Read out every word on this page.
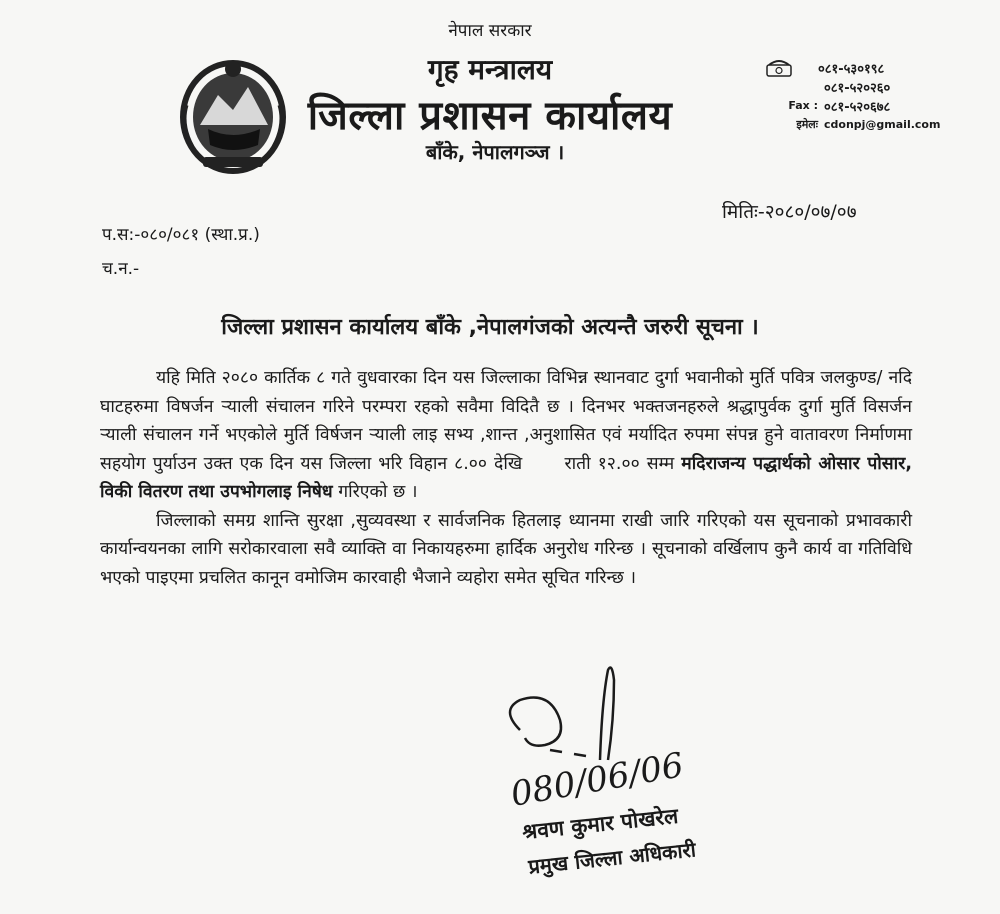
नेपाल सरकार
गृह मन्त्रालय
जिल्ला प्रशासन कार्यालय
बाँके, नेपालगञ्ज ।
०८१-५३०१९८
०८१-५२०२६०
Fax : ०८१-५२०६७८
इमेलः cdonpj@gmail.com
मितिः-२०८०/०७/०७
प.स:-०८०/०८१ (स्था.प्र.)
च.न.-
जिल्ला प्रशासन कार्यालय बाँके ,नेपालगंजको अत्यन्तै जरुरी सूचना ।

यहि मिति २०८० कार्तिक ८ गते वुधवारका दिन यस जिल्लाका विभिन्न स्थानवाट दुर्गा भवानीको मुर्ति पवित्र जलकुण्ड/ नदि घाटहरुमा विषर्जन र्‍याली संचालन गरिने परम्परा रहको सवैमा विदितै छ । दिनभर भक्तजनहरुले श्रद्धापुर्वक दुर्गा मुर्ति विसर्जन र्‍याली संचालन गर्ने भएकोले मुर्ति विर्षजन र्‍याली लाइ सभ्य ,शान्त ,अनुशासित एवं मर्यादित रुपमा संपन्न हुने वातावरण निर्माणमा सहयोग पुर्याउन उक्त एक दिन यस जिल्ला भरि विहान ८.०० देखि राती १२.०० सम्म मदिराजन्य पद्धार्थको ओसार पोसार, विकी वितरण तथा उपभोगलाइ निषेध गरिएको छ ।

जिल्लाको समग्र शान्ति सुरक्षा ,सुव्यवस्था र सार्वजनिक हितलाइ ध्यानमा राखी जारि गरिएको यस सूचनाको प्रभावकारी कार्यान्वयनका लागि सरोकारवाला सवै व्याक्ति वा निकायहरुमा हार्दिक अनुरोध गरिन्छ । सूचनाको वर्खिलाप कुनै कार्य वा गतिविधि भएको पाइएमा प्रचलित कानून वमोजिम कारवाही भैजाने व्यहोरा समेत सूचित गरिन्छ ।

080/06/06
श्रवण कुमार पोखरेल
प्रमुख जिल्ला अधिकारी
